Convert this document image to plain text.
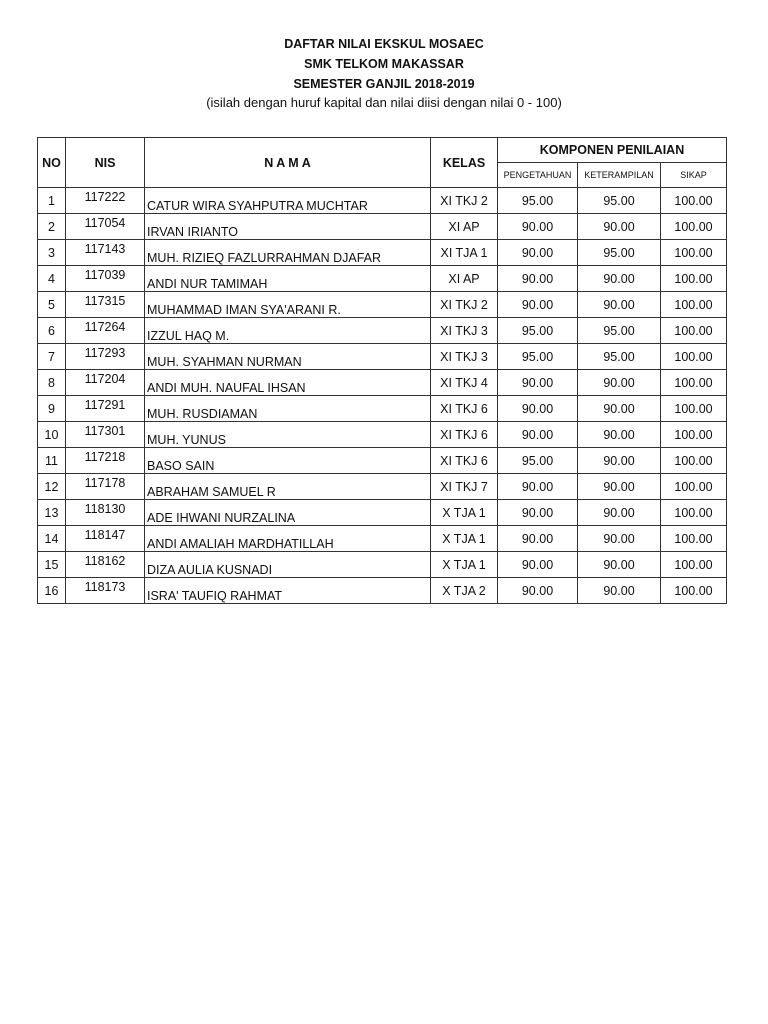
DAFTAR NILAI EKSKUL MOSAEC
SMK TELKOM MAKASSAR
SEMESTER GANJIL 2018-2019
(isilah dengan huruf kapital dan nilai diisi dengan nilai 0 - 100)
NO	NIS	N A M A	KELAS	KOMPONEN PENILAIAN		
				PENGETAHUAN	KETERAMPILAN	SIKAP
1	117222	CATUR WIRA SYAHPUTRA MUCHTAR	XI TKJ 2	95.00	95.00	100.00
2	117054	IRVAN IRIANTO	XI AP	90.00	90.00	100.00
3	117143	MUH. RIZIEQ FAZLURRAHMAN DJAFAR	XI TJA 1	90.00	95.00	100.00
4	117039	ANDI NUR TAMIMAH	XI AP	90.00	90.00	100.00
5	117315	MUHAMMAD IMAN SYA'ARANI R.	XI TKJ 2	90.00	90.00	100.00
6	117264	IZZUL HAQ M.	XI TKJ 3	95.00	95.00	100.00
7	117293	MUH. SYAHMAN NURMAN	XI TKJ 3	95.00	95.00	100.00
8	117204	ANDI MUH. NAUFAL IHSAN	XI TKJ 4	90.00	90.00	100.00
9	117291	MUH. RUSDIAMAN	XI TKJ 6	90.00	90.00	100.00
10	117301	MUH. YUNUS	XI TKJ 6	90.00	90.00	100.00
11	117218	BASO SAIN	XI TKJ 6	95.00	90.00	100.00
12	117178	ABRAHAM SAMUEL R	XI TKJ 7	90.00	90.00	100.00
13	118130	ADE IHWANI NURZALINA	X TJA 1	90.00	90.00	100.00
14	118147	ANDI AMALIAH MARDHATILLAH	X TJA 1	90.00	90.00	100.00
15	118162	DIZA AULIA KUSNADI	X TJA 1	90.00	90.00	100.00
16	118173	ISRA' TAUFIQ RAHMAT	X TJA 2	90.00	90.00	100.00
